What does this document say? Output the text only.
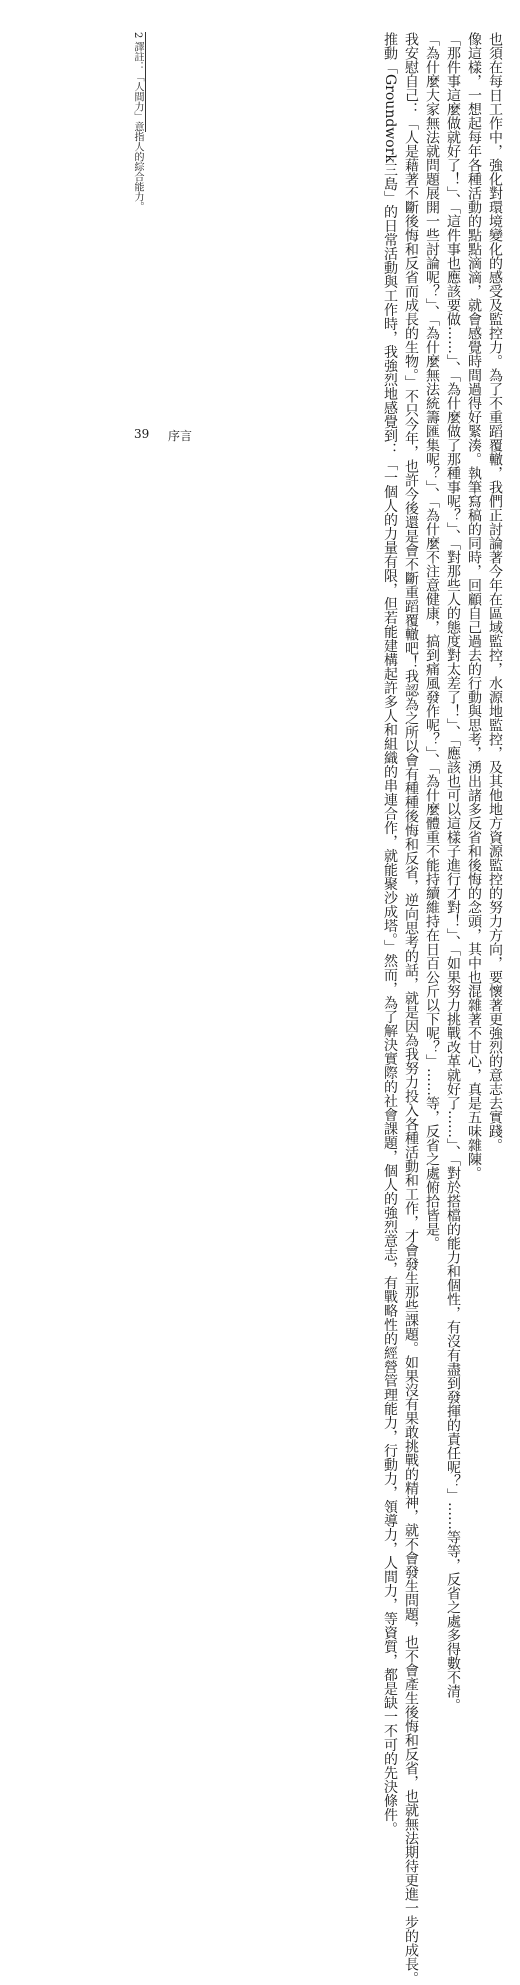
也須在每日工作中，強化對環境變化的感受及監控力。為了不重蹈覆轍，我們正討論著今年在區域監控，水源地監控，及其他地方資源監控的努力方向，要懷著更強烈的意志去實踐。

像這樣，一想起每年各種活動的點點滴滴，就會感覺時間過得好緊湊。執筆寫稿的同時，回顧自己過去的行動與思考，湧出諸多反省和後悔的念頭，其中也混雜著不甘心，真是五味雜陳。

「那件事這麼做就好了！」、「這件事也應該要做……」、「為什麼做了那種事呢？」、「對那些人的態度對太差了！」、「應該也可以這樣子進行才對！」、「如果努力挑戰改革就好了……」、「對於搭檔的能力和個性，有沒有盡到發揮的責任呢？」……等等，反省之處多得數不清。

「為什麼大家無法就問題展開一些討論呢？」、「為什麼無法統籌匯集呢？」、「為什麼不注意健康，搞到痛風發作呢？」、「為什麼體重不能持續維持在日百公斤以下呢？」……等，反省之處俯拾皆是。

我安慰自己：「人是藉著不斷後悔和反省而成長的生物。」不只今年，也許今後還是會不斷重蹈覆轍吧！我認為之所以會有種種後悔和反省，逆向思考的話，就是因為我努力投入各種活動和工作，才會發生那些課題。如果沒有果敢挑戰的精神，就不會發生問題，也不會產生後悔和反省，也就無法期待更進一步的成長。

推動「Groundwork三島」的日常活動與工作時，我強烈地感覺到：「一個人的力量有限，但若能建構起許多人和組織的串連合作，就能聚沙成塔。」然而，為了解決實際的社會課題，個人的強烈意志，有戰略性的經營管理能力，行動力，領導力，人間力，等資質，都是缺一不可的先決條件。

2 譯註：「人間力」意指人的綜合能力。
39 序言
